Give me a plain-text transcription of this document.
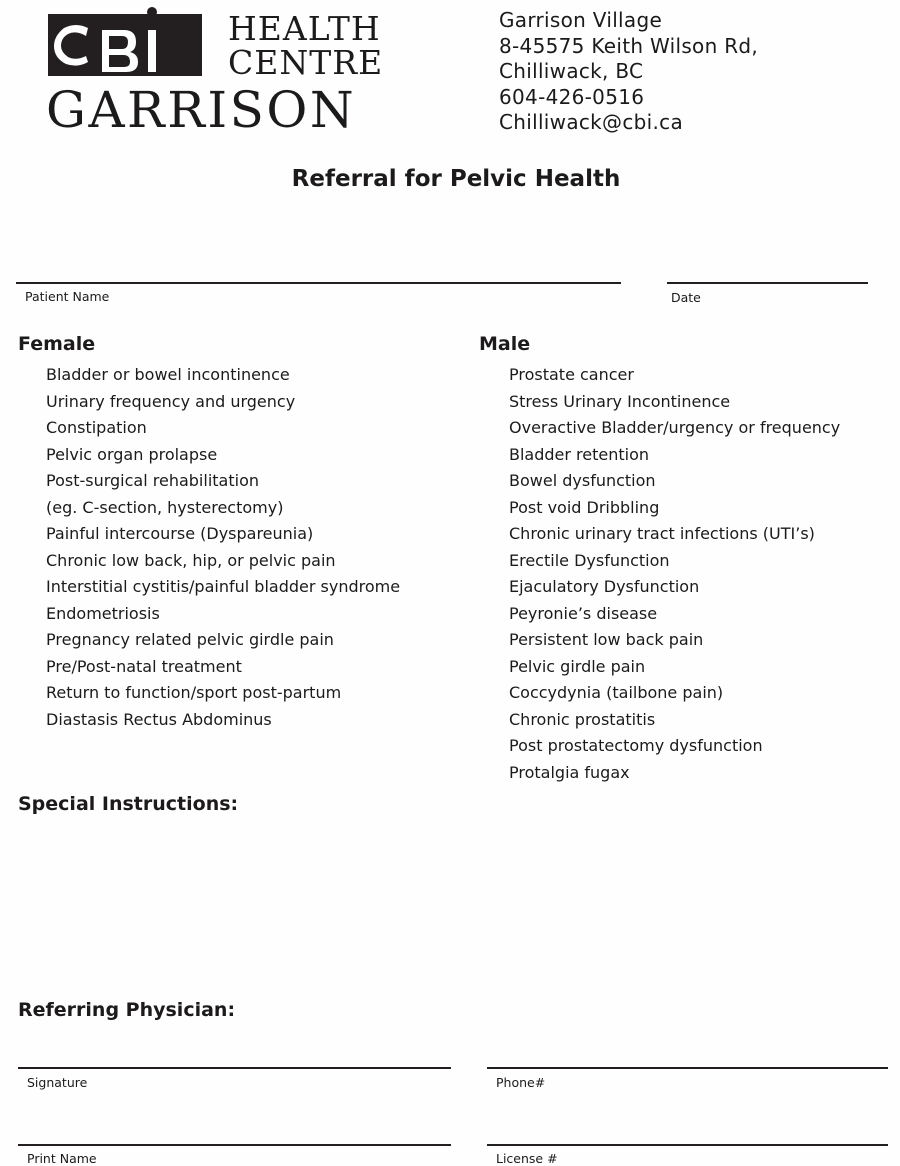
HEALTH
CENTRE
GARRISON
Garrison Village
8-45575 Keith Wilson Rd,
Chilliwack, BC
604-426-0516
Chilliwack@cbi.ca
Referral for Pelvic Health
Patient Name	Date
Female
Bladder or bowel incontinence
Urinary frequency and urgency
Constipation
Pelvic organ prolapse
Post-surgical rehabilitation
(eg. C-section, hysterectomy)
Painful intercourse (Dyspareunia)
Chronic low back, hip, or pelvic pain
Interstitial cystitis/painful bladder syndrome
Endometriosis
Pregnancy related pelvic girdle pain
Pre/Post-natal treatment
Return to function/sport post-partum
Diastasis Rectus Abdominus
Male
Prostate cancer
Stress Urinary Incontinence
Overactive Bladder/urgency or frequency
Bladder retention
Bowel dysfunction
Post void Dribbling
Chronic urinary tract infections (UTI’s)
Erectile Dysfunction
Ejaculatory Dysfunction
Peyronie’s disease
Persistent low back pain
Pelvic girdle pain
Coccydynia (tailbone pain)
Chronic prostatitis
Post prostatectomy dysfunction
Protalgia fugax
Special Instructions:
Referring Physician:
Signature	Phone#
Print Name	License #
